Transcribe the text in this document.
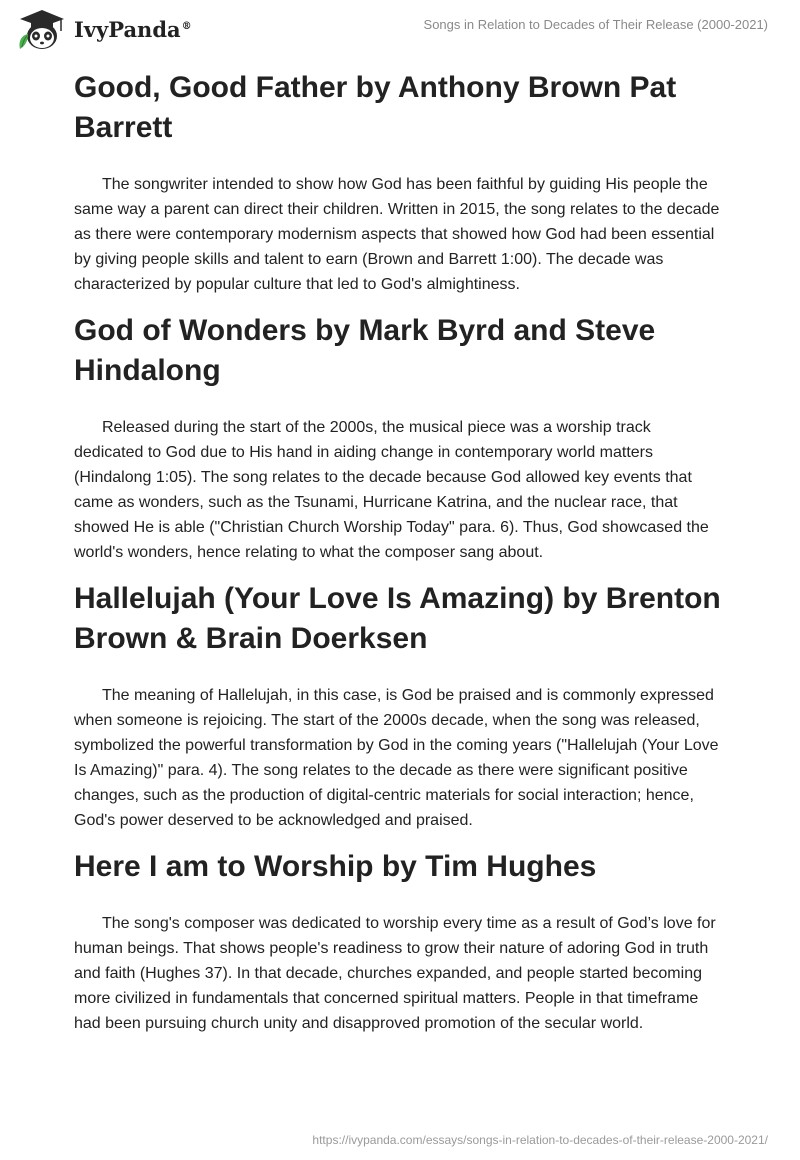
IvyPanda®	Songs in Relation to Decades of Their Release (2000-2021)
Good, Good Father by Anthony Brown Pat Barrett

The songwriter intended to show how God has been faithful by guiding His people the same way a parent can direct their children. Written in 2015, the song relates to the decade as there were contemporary modernism aspects that showed how God had been essential by giving people skills and talent to earn (Brown and Barrett 1:00). The decade was characterized by popular culture that led to God's almightiness.

God of Wonders by Mark Byrd and Steve Hindalong

Released during the start of the 2000s, the musical piece was a worship track dedicated to God due to His hand in aiding change in contemporary world matters (Hindalong 1:05). The song relates to the decade because God allowed key events that came as wonders, such as the Tsunami, Hurricane Katrina, and the nuclear race, that showed He is able ("Christian Church Worship Today" para. 6). Thus, God showcased the world's wonders, hence relating to what the composer sang about.

Hallelujah (Your Love Is Amazing) by Brenton Brown & Brain Doerksen

The meaning of Hallelujah, in this case, is God be praised and is commonly expressed when someone is rejoicing. The start of the 2000s decade, when the song was released, symbolized the powerful transformation by God in the coming years ("Hallelujah (Your Love Is Amazing)" para. 4). The song relates to the decade as there were significant positive changes, such as the production of digital-centric materials for social interaction; hence, God's power deserved to be acknowledged and praised.

Here I am to Worship by Tim Hughes

The song's composer was dedicated to worship every time as a result of God’s love for human beings. That shows people's readiness to grow their nature of adoring God in truth and faith (Hughes 37). In that decade, churches expanded, and people started becoming more civilized in fundamentals that concerned spiritual matters. People in that timeframe had been pursuing church unity and disapproved promotion of the secular world.

https://ivypanda.com/essays/songs-in-relation-to-decades-of-their-release-2000-2021/
